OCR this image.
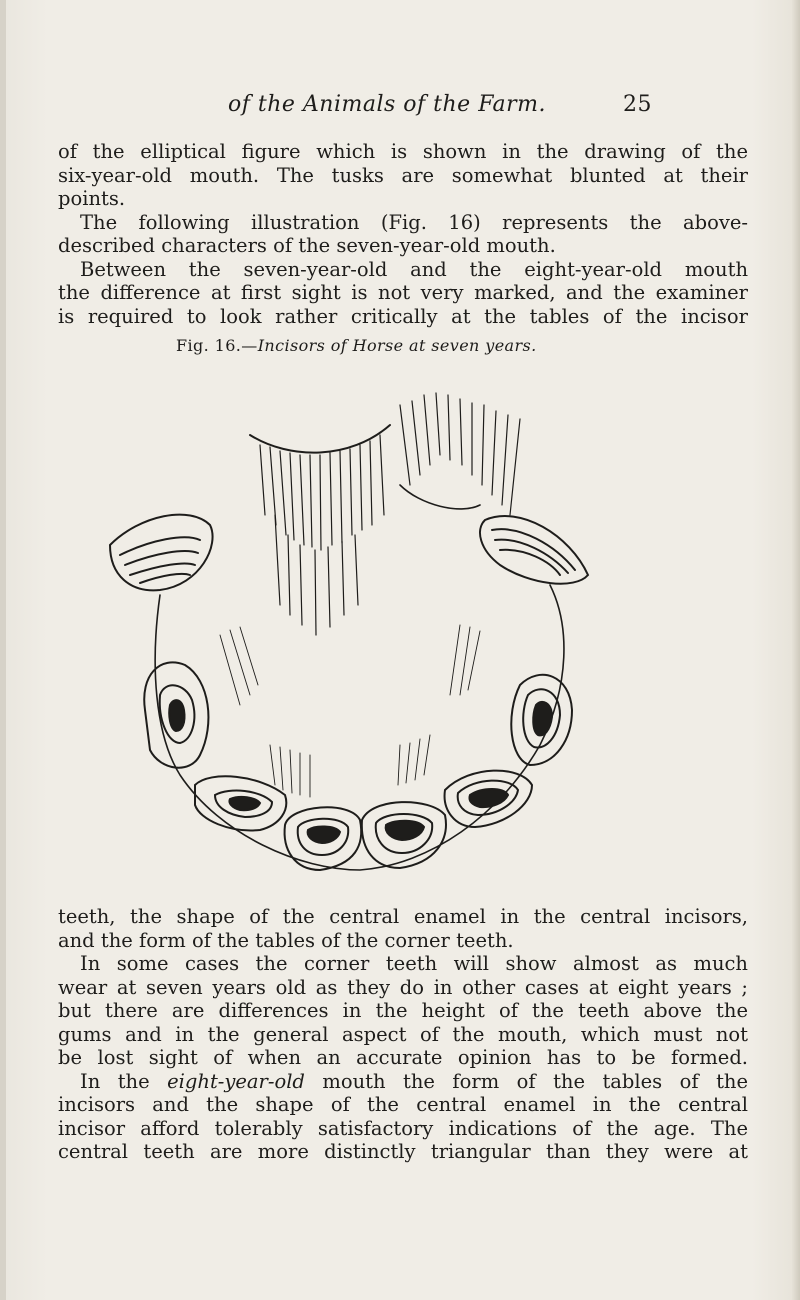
of the Animals of the Farm.	25
of the elliptical figure which is shown in the drawing of the
six-year-old mouth. The tusks are somewhat blunted at their
points.
The following illustration (Fig. 16) represents the above-
described characters of the seven-year-old mouth.
Between the seven-year-old and the eight-year-old mouth
the difference at first sight is not very marked, and the examiner
is required to look rather critically at the tables of the incisor
Fig. 16.—Incisors of Horse at seven years.
teeth, the shape of the central enamel in the central incisors,
and the form of the tables of the corner teeth.
In some cases the corner teeth will show almost as much
wear at seven years old as they do in other cases at eight years ;
but there are differences in the height of the teeth above the
gums and in the general aspect of the mouth, which must not
be lost sight of when an accurate opinion has to be formed.
In the eight-year-old mouth the form of the tables of the
incisors and the shape of the central enamel in the central
incisor afford tolerably satisfactory indications of the age. The
central teeth are more distinctly triangular than they were at
